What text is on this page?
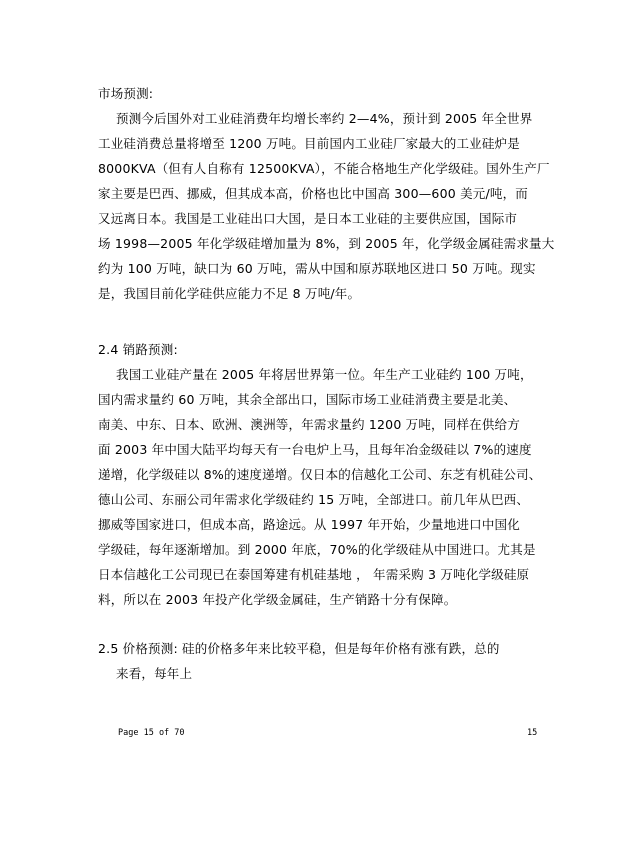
市场预测:
预测今后国外对工业硅消费年均增长率约 2—4%，预计到 2005 年全世界
工业硅消费总量将增至 1200 万吨。目前国内工业硅厂家最大的工业硅炉是
8000KVA（但有人自称有 12500KVA），不能合格地生产化学级硅。国外生产厂
家主要是巴西、挪威，但其成本高，价格也比中国高 300—600 美元/吨，而
又远离日本。我国是工业硅出口大国，是日本工业硅的主要供应国，国际市
场 1998—2005 年化学级硅增加量为 8%，到 2005 年，化学级金属硅需求量大
约为 100 万吨，缺口为 60 万吨，需从中国和原苏联地区进口 50 万吨。现实
是，我国目前化学硅供应能力不足 8 万吨/年。
2.4 销路预测:
我国工业硅产量在 2005 年将居世界第一位。年生产工业硅约 100 万吨，
国内需求量约 60 万吨，其余全部出口，国际市场工业硅消费主要是北美、
南美、中东、日本、欧洲、澳洲等，年需求量约 1200 万吨，同样在供给方
面 2003 年中国大陆平均每天有一台电炉上马，且每年冶金级硅以 7%的速度
递增，化学级硅以 8%的速度递增。仅日本的信越化工公司、东芝有机硅公司、
德山公司、东丽公司年需求化学级硅约 15 万吨，全部进口。前几年从巴西、
挪威等国家进口，但成本高，路途远。从 1997 年开始，少量地进口中国化
学级硅，每年逐渐增加。到 2000 年底，70%的化学级硅从中国进口。尤其是
日本信越化工公司现已在泰国筹建有机硅基地 ， 年需采购 3 万吨化学级硅原
料，所以在 2003 年投产化学级金属硅，生产销路十分有保障。
2.5 价格预测: 硅的价格多年来比较平稳，但是每年价格有涨有跌，总的
来看，每年上
Page 15 of 70	15
